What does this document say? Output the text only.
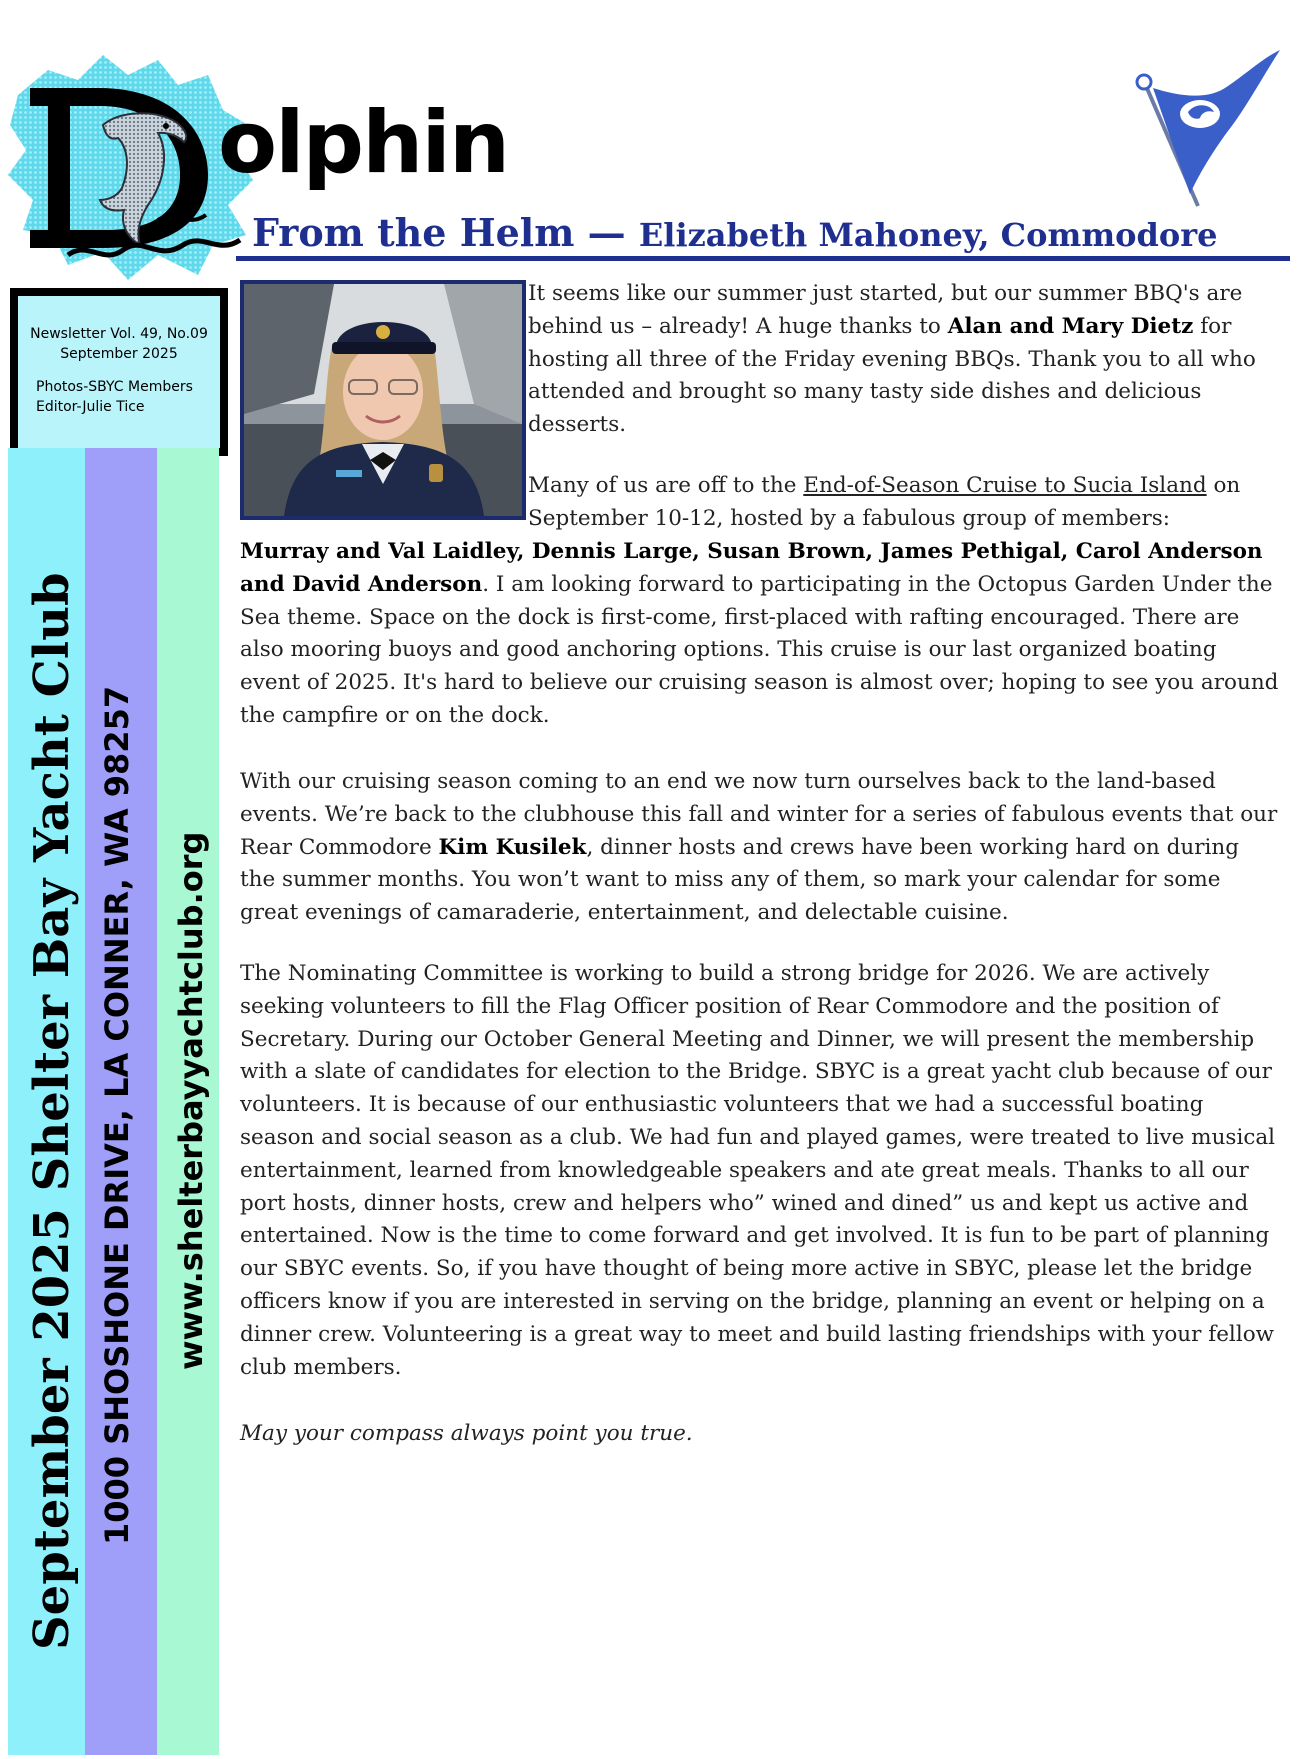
olphin
From the Helm — Elizabeth Mahoney, Commodore
Newsletter Vol. 49, No.09
September 2025
Photos-SBYC Members
Editor-Julie Tice
September 2025 Shelter Bay Yacht Club 1000 SHOSHONE DRIVE, LA CONNER, WA 98257 www.shelterbayyachtclub.org

It seems like our summer just started, but our summer BBQ's are behind us – already! A huge thanks to Alan and Mary Dietz for hosting all three of the Friday evening BBQs. Thank you to all who attended and brought so many tasty side dishes and delicious desserts.

Many of us are off to the End-of-Season Cruise to Sucia Island on September 10-12, hosted by a fabulous group of members:

Murray and Val Laidley, Dennis Large, Susan Brown, James Pethigal, Carol Anderson and David Anderson. I am looking forward to participating in the Octopus Garden Under the Sea theme. Space on the dock is first-come, first-placed with rafting encouraged. There are also mooring buoys and good anchoring options. This cruise is our last organized boating event of 2025. It's hard to believe our cruising season is almost over; hoping to see you around the campfire or on the dock.

With our cruising season coming to an end we now turn ourselves back to the land-based events. We’re back to the clubhouse this fall and winter for a series of fabulous events that our Rear Commodore Kim Kusilek, dinner hosts and crews have been working hard on during the summer months. You won’t want to miss any of them, so mark your calendar for some great evenings of camaraderie, entertainment, and delectable cuisine.

The Nominating Committee is working to build a strong bridge for 2026. We are actively seeking volunteers to fill the Flag Officer position of Rear Commodore and the position of Secretary. During our October General Meeting and Dinner, we will present the membership with a slate of candidates for election to the Bridge. SBYC is a great yacht club because of our volunteers. It is because of our enthusiastic volunteers that we had a successful boating season and social season as a club. We had fun and played games, were treated to live musical entertainment, learned from knowledgeable speakers and ate great meals. Thanks to all our port hosts, dinner hosts, crew and helpers who” wined and dined” us and kept us active and entertained. Now is the time to come forward and get involved. It is fun to be part of planning our SBYC events. So, if you have thought of being more active in SBYC, please let the bridge officers know if you are interested in serving on the bridge, planning an event or helping on a dinner crew. Volunteering is a great way to meet and build lasting friendships with your fellow club members.

May your compass always point you true.
